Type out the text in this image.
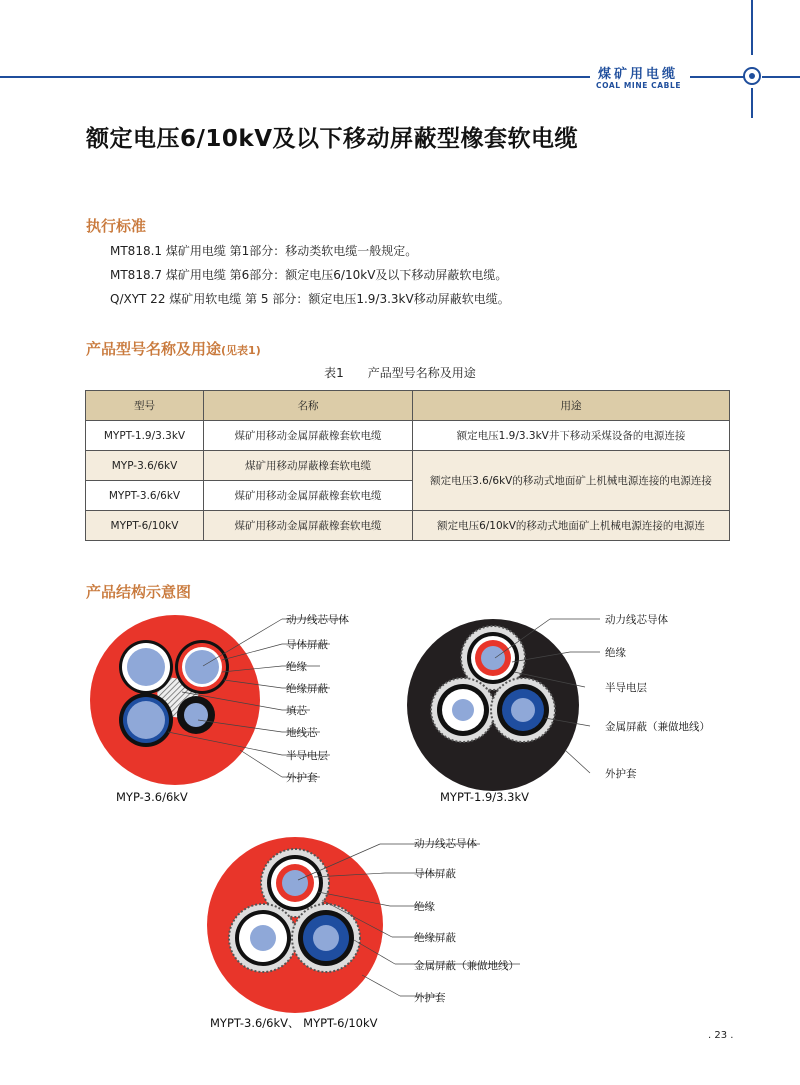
煤矿用电缆
COAL MINE CABLE
额定电压6/10kV及以下移动屏蔽型橡套软电缆
执行标准
MT818.1 煤矿用电缆 第1部分：移动类软电缆一般规定。
MT818.7 煤矿用电缆 第6部分：额定电压6/10kV及以下移动屏蔽软电缆。
Q/XYT 22 煤矿用软电缆 第 5 部分：额定电压1.9/3.3kV移动屏蔽软电缆。
产品型号名称及用途(见表1)
表1　　产品型号名称及用途
型号	名称	用途
MYPT-1.9/3.3kV	煤矿用移动金属屏蔽橡套软电缆	额定电压1.9/3.3kV井下移动采煤设备的电源连接
MYP-3.6/6kV	煤矿用移动屏蔽橡套软电缆	额定电压3.6/6kV的移动式地面矿上机械电源连接的电源连接
MYPT-3.6/6kV	煤矿用移动金属屏蔽橡套软电缆	
MYPT-6/10kV	煤矿用移动金属屏蔽橡套软电缆	额定电压6/10kV的移动式地面矿上机械电源连接的电源连
产品结构示意图
动力线芯导体
导体屏蔽
绝缘
绝缘屏蔽
填芯
地线芯
半导电层
外护套
MYP-3.6/6kV
动力线芯导体
绝缘
半导电层
金属屏蔽（兼做地线）
外护套
MYPT-1.9/3.3kV
动力线芯导体
导体屏蔽
绝缘
绝缘屏蔽
金属屏蔽（兼做地线）
外护套
MYPT-3.6/6kV、 MYPT-6/10kV
. 23 .
